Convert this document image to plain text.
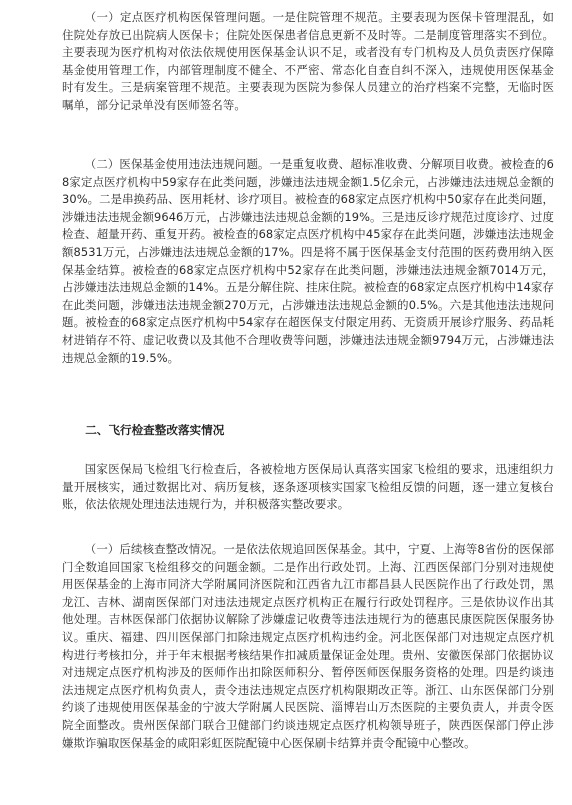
（一）定点医疗机构医保管理问题。一是住院管理不规范。主要表现为医保卡管理混乱，如住院处存放已出院病人医保卡；住院处医保患者信息更新不及时等。二是制度管理落实不到位。主要表现为医疗机构对依法依规使用医保基金认识不足，或者没有专门机构及人员负责医疗保障基金使用管理工作，内部管理制度不健全、不严密、常态化自查自纠不深入，违规使用医保基金时有发生。三是病案管理不规范。主要表现为医院为参保人员建立的治疗档案不完整，无临时医嘱单，部分记录单没有医师签名等。

（二）医保基金使用违法违规问题。一是重复收费、超标准收费、分解项目收费。被检查的68家定点医疗机构中59家存在此类问题，涉嫌违法违规金额1.5亿余元，占涉嫌违法违规总金额的30%。二是串换药品、医用耗材、诊疗项目。被检查的68家定点医疗机构中50家存在此类问题，涉嫌违法违规金额9646万元，占涉嫌违法违规总金额的19%。三是违反诊疗规范过度诊疗、过度检查、超量开药、重复开药。被检查的68家定点医疗机构中45家存在此类问题，涉嫌违法违规金额8531万元，占涉嫌违法违规总金额的17%。四是将不属于医保基金支付范围的医药费用纳入医保基金结算。被检查的68家定点医疗机构中52家存在此类问题，涉嫌违法违规金额7014万元，占涉嫌违法违规总金额的14%。五是分解住院、挂床住院。被检查的68家定点医疗机构中14家存在此类问题，涉嫌违法违规金额270万元，占涉嫌违法违规总金额的0.5%。六是其他违法违规问题。被检查的68家定点医疗机构中54家存在超医保支付限定用药、无资质开展诊疗服务、药品耗材进销存不符、虚记收费以及其他不合理收费等问题，涉嫌违法违规金额9794万元，占涉嫌违法违规总金额的19.5%。

二、飞行检查整改落实情况

国家医保局飞检组飞行检查后，各被检地方医保局认真落实国家飞检组的要求，迅速组织力量开展核实，通过数据比对、病历复核，逐条逐项核实国家飞检组反馈的问题，逐一建立复核台账，依法依规处理违法违规行为，并积极落实整改要求。

（一）后续核查整改情况。一是依法依规追回医保基金。其中，宁夏、上海等8省份的医保部门全数追回国家飞检组移交的问题金额。二是作出行政处罚。上海、江西医保部门分别对违规使用医保基金的上海市同济大学附属同济医院和江西省九江市都昌县人民医院作出了行政处罚，黑龙江、吉林、湖南医保部门对违法违规定点医疗机构正在履行行政处罚程序。三是依协议作出其他处理。吉林医保部门依据协议解除了涉嫌虚记收费等违法违规行为的德惠民康医院医保服务协议。重庆、福建、四川医保部门扣除违规定点医疗机构违约金。河北医保部门对违规定点医疗机构进行考核扣分，并于年末根据考核结果作扣减质量保证金处理。贵州、安徽医保部门依据协议对违规定点医疗机构涉及的医师作出扣除医师积分、暂停医师医保服务资格的处理。四是约谈违法违规定点医疗机构负责人，责令违法违规定点医疗机构限期改正等。浙江、山东医保部门分别约谈了违规使用医保基金的宁波大学附属人民医院、淄博岩山万杰医院的主要负责人，并责令医院全面整改。贵州医保部门联合卫健部门约谈违规定点医疗机构领导班子，陕西医保部门停止涉嫌欺诈骗取医保基金的咸阳彩虹医院配镜中心医保刷卡结算并责令配镜中心整改。
